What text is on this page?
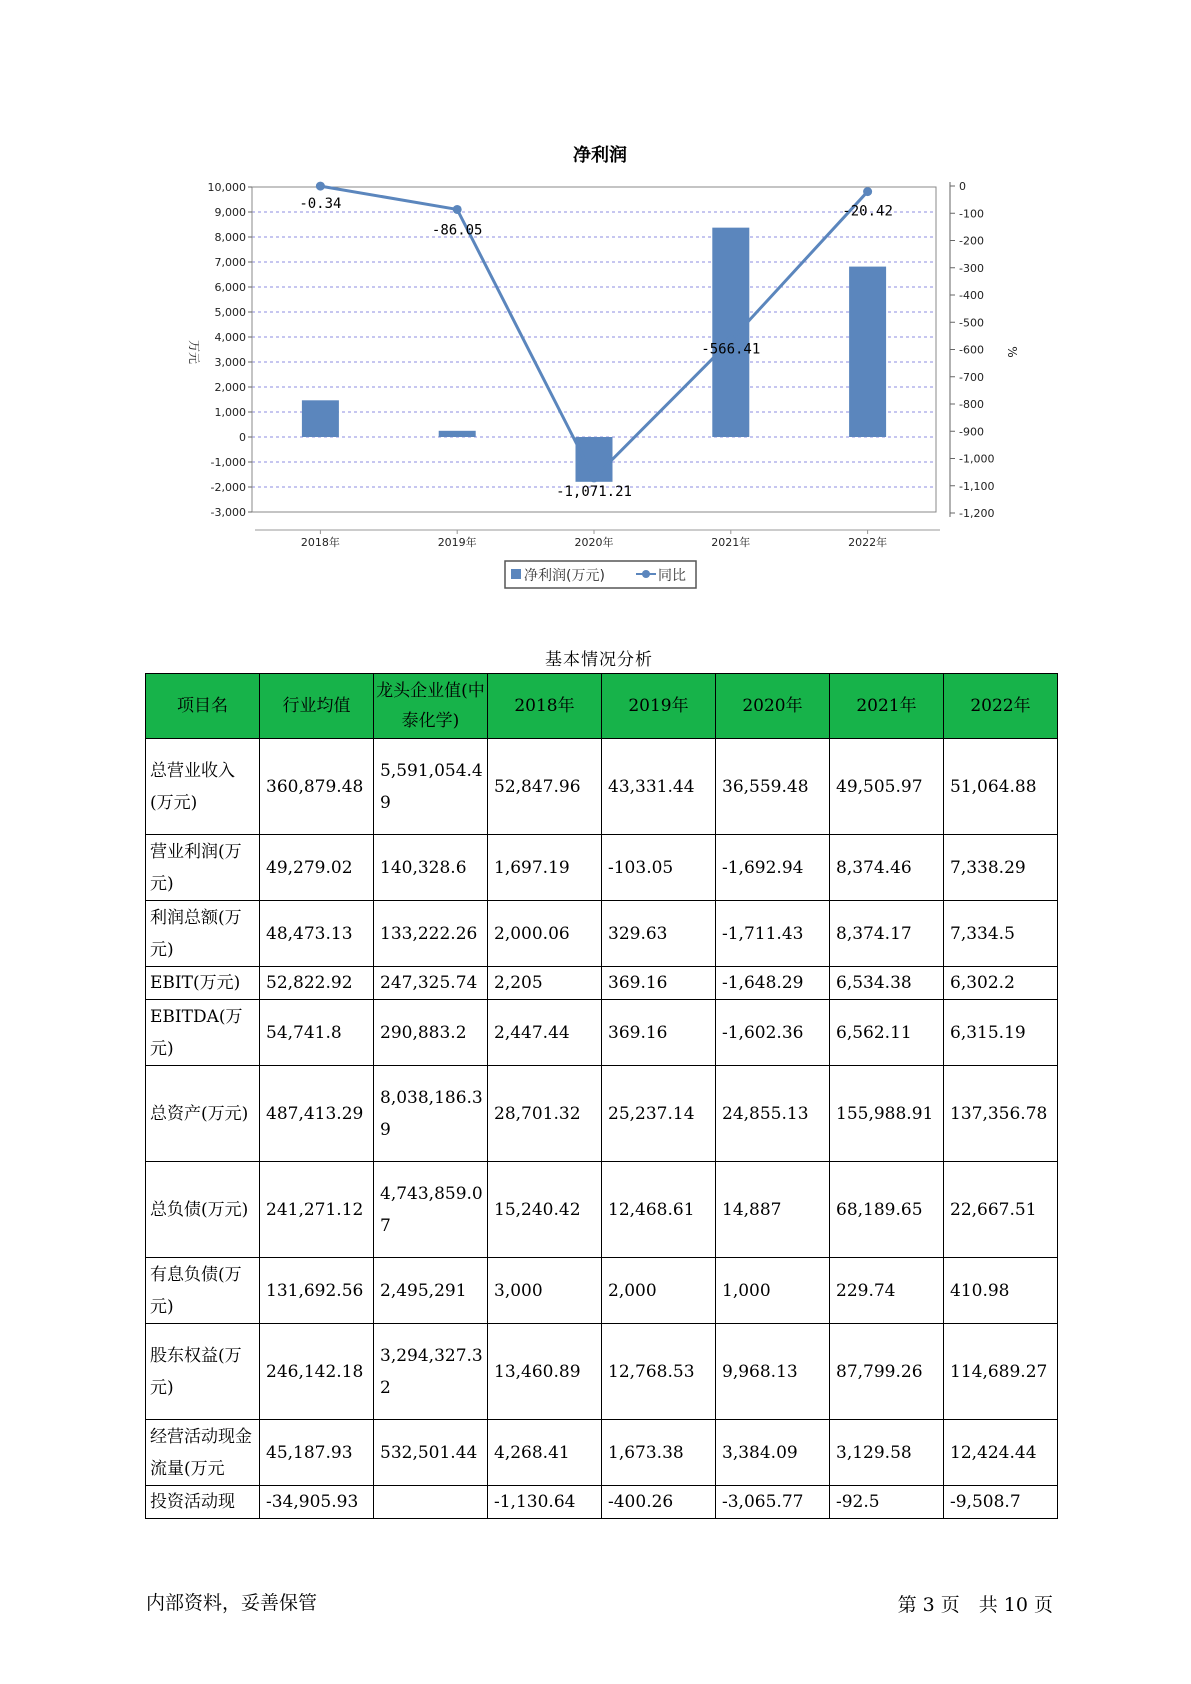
净利润
10,000
9,000
8,000
7,000
6,000
5,000
4,000
3,000
2,000
1,000
0
-1,000
-2,000
-3,000
0
-100
-200
-300
-400
-500
-600
-700
-800
-900
-1,000
-1,100
-1,200
万元	%
-0.34
-86.05
-1,071.21
-566.41
-20.42
2018年	2019年	2020年	2021年	2022年
净利润(万元)	同比
基本情况分析
项目名	行业均值	龙头企业值(中泰化学)	2018年	2019年	2020年	2021年	2022年
总营业收入(万元)	360,879.48	5,591,054.49	52,847.96	43,331.44	36,559.48	49,505.97	51,064.88
营业利润(万元)	49,279.02	140,328.6	1,697.19	-103.05	-1,692.94	8,374.46	7,338.29
利润总额(万元)	48,473.13	133,222.26	2,000.06	329.63	-1,711.43	8,374.17	7,334.5
EBIT(万元)	52,822.92	247,325.74	2,205	369.16	-1,648.29	6,534.38	6,302.2
EBITDA(万元)	54,741.8	290,883.2	2,447.44	369.16	-1,602.36	6,562.11	6,315.19
总资产(万元)	487,413.29	8,038,186.39	28,701.32	25,237.14	24,855.13	155,988.91	137,356.78
总负债(万元)	241,271.12	4,743,859.07	15,240.42	12,468.61	14,887	68,189.65	22,667.51
有息负债(万元)	131,692.56	2,495,291	3,000	2,000	1,000	229.74	410.98
股东权益(万元)	246,142.18	3,294,327.32	13,460.89	12,768.53	9,968.13	87,799.26	114,689.27
经营活动现金流量(万元	45,187.93	532,501.44	4,268.41	1,673.38	3,384.09	3,129.58	12,424.44
投资活动现	-34,905.93		-1,130.64	-400.26	-3,065.77	-92.5	-9,508.7
内部资料，妥善保管	第 3 页　共 10 页
